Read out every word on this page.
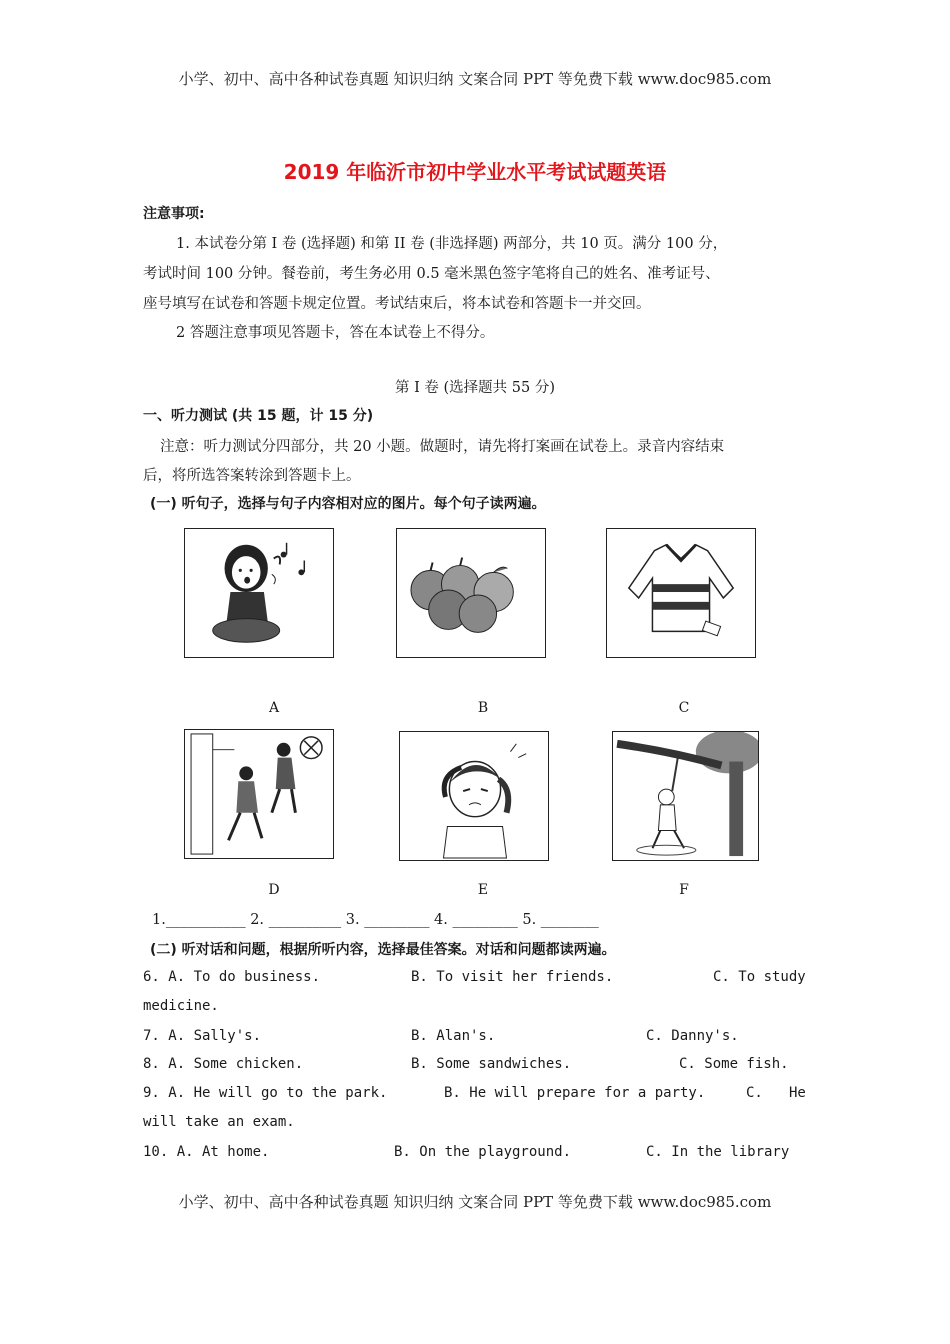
小学、初中、高中各种试卷真题 知识归纳 文案合同 PPT 等免费下载 www.doc985.com
2019 年临沂市初中学业水平考试试题英语
注意事项:
1. 本试卷分第 I 卷 (选择题) 和第 II 卷 (非选择题) 两部分，共 10 页。满分 100 分，
考试时间 100 分钟。餐卷前，考生务必用 0.5 毫米黑色签字笔将自己的姓名、准考证号、
座号填写在试卷和答题卡规定位置。考试结束后，将本试卷和答题卡一并交回。
2 答题注意事项见答题卡，答在本试卷上不得分。
第 I 卷 (选择题共 55 分)
一、听力测试 (共 15 题，计 15 分)
注意：听力测试分四部分，共 20 小题。做题时，请先将打案画在试卷上。录音内容结束
后，将所选答案转涂到答题卡上。
(一) 听句子，选择与句子内容相对应的图片。每个句子读两遍。
A	B	C
D	E	F
1.___________ 2. __________ 3. _________ 4. _________ 5. ________
(二) 听对话和问题，根据所听内容，选择最佳答案。对话和问题都读两遍。
6. A. To do business.	B. To visit her friends.	C. To study
medicine.
7. A. Sally's.	B. Alan's.	C. Danny's.
8. A. Some chicken.	B. Some sandwiches.	C. Some fish.
9. A. He will go to the park.	B. He will prepare for a party.	C. He
will take an exam.
10. A. At home.	B. On the playground.	C. In the library
小学、初中、高中各种试卷真题 知识归纳 文案合同 PPT 等免费下载 www.doc985.com
